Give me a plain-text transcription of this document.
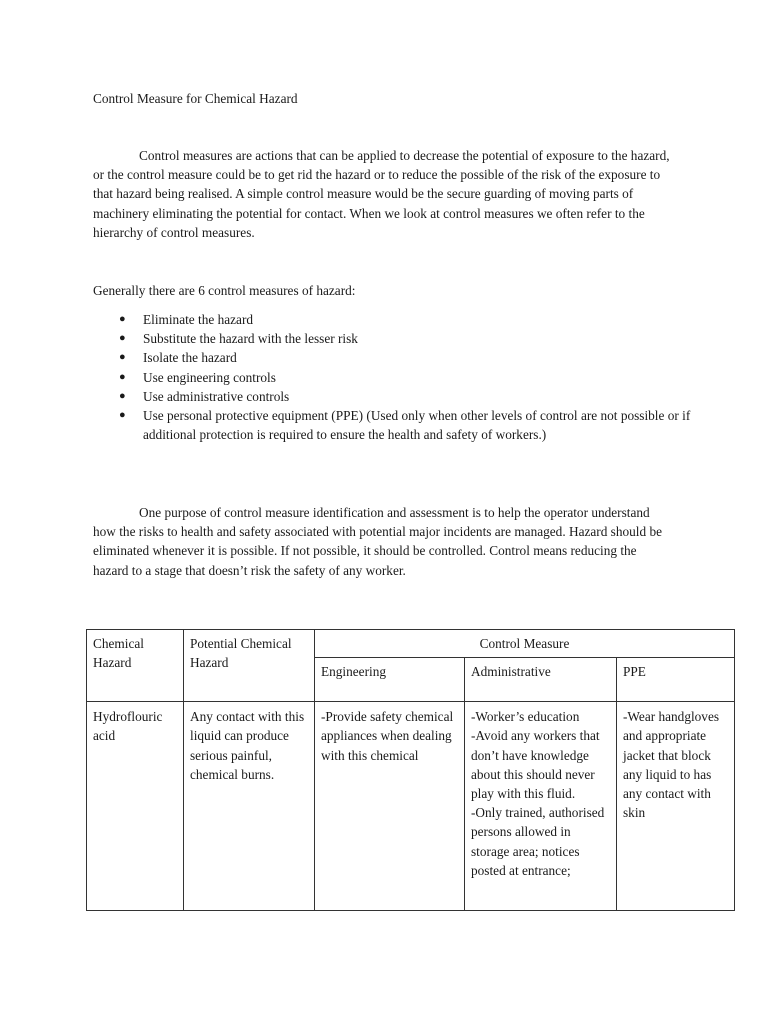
Control Measure for Chemical Hazard

Control measures are actions that can be applied to decrease the potential of exposure to the hazard, or the control measure could be to get rid the hazard or to reduce the possible of the risk of the exposure to that hazard being realised. A simple control measure would be the secure guarding of moving parts of machinery eliminating the potential for contact. When we look at control measures we often refer to the hierarchy of control measures.

Generally there are 6 control measures of hazard:

● Eliminate the hazard
● Substitute the hazard with the lesser risk
● Isolate the hazard
● Use engineering controls
● Use administrative controls
● Use personal protective equipment (PPE) (Used only when other levels of control are not possible or if additional protection is required to ensure the health and safety of workers.)

One purpose of control measure identification and assessment is to help the operator understand how the risks to health and safety associated with potential major incidents are managed. Hazard should be eliminated whenever it is possible. If not possible, it should be controlled. Control means reducing the hazard to a stage that doesn’t risk the safety of any worker.

Chemical Hazard	Potential Chemical Hazard	Control Measure		
		Engineering	Administrative	PPE
Hydroflouric acid	Any contact with this liquid can produce serious painful, chemical burns.	-Provide safety chemical appliances when dealing with this chemical	-Worker’s education
-Avoid any workers that don’t have knowledge about this should never play with this fluid.
-Only trained, authorised persons allowed in storage area; notices posted at entrance;	-Wear handgloves and appropriate jacket that block any liquid to has any contact with skin
